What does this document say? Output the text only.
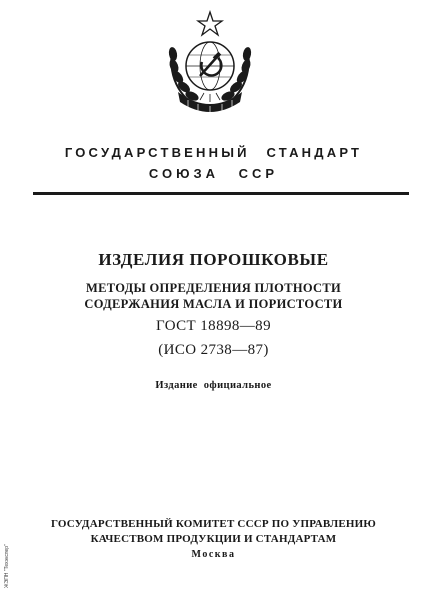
ГОСУДАРСТВЕННЫЙ СТАНДАРТ
СОЮЗА ССР
ИЗДЕЛИЯ ПОРОШКОВЫЕ
МЕТОДЫ ОПРЕДЕЛЕНИЯ ПЛОТНОСТИ
СОДЕРЖАНИЯ МАСЛА И ПОРИСТОСТИ
ГОСТ 18898—89
(ИСО 2738—87)
Издание официальное
ГОСУДАРСТВЕННЫЙ КОМИТЕТ СССР ПО УПРАВЛЕНИЮ
КАЧЕСТВОМ ПРОДУКЦИИ И СТАНДАРТАМ
Москва
ЖЭПН "Техэкспер"
